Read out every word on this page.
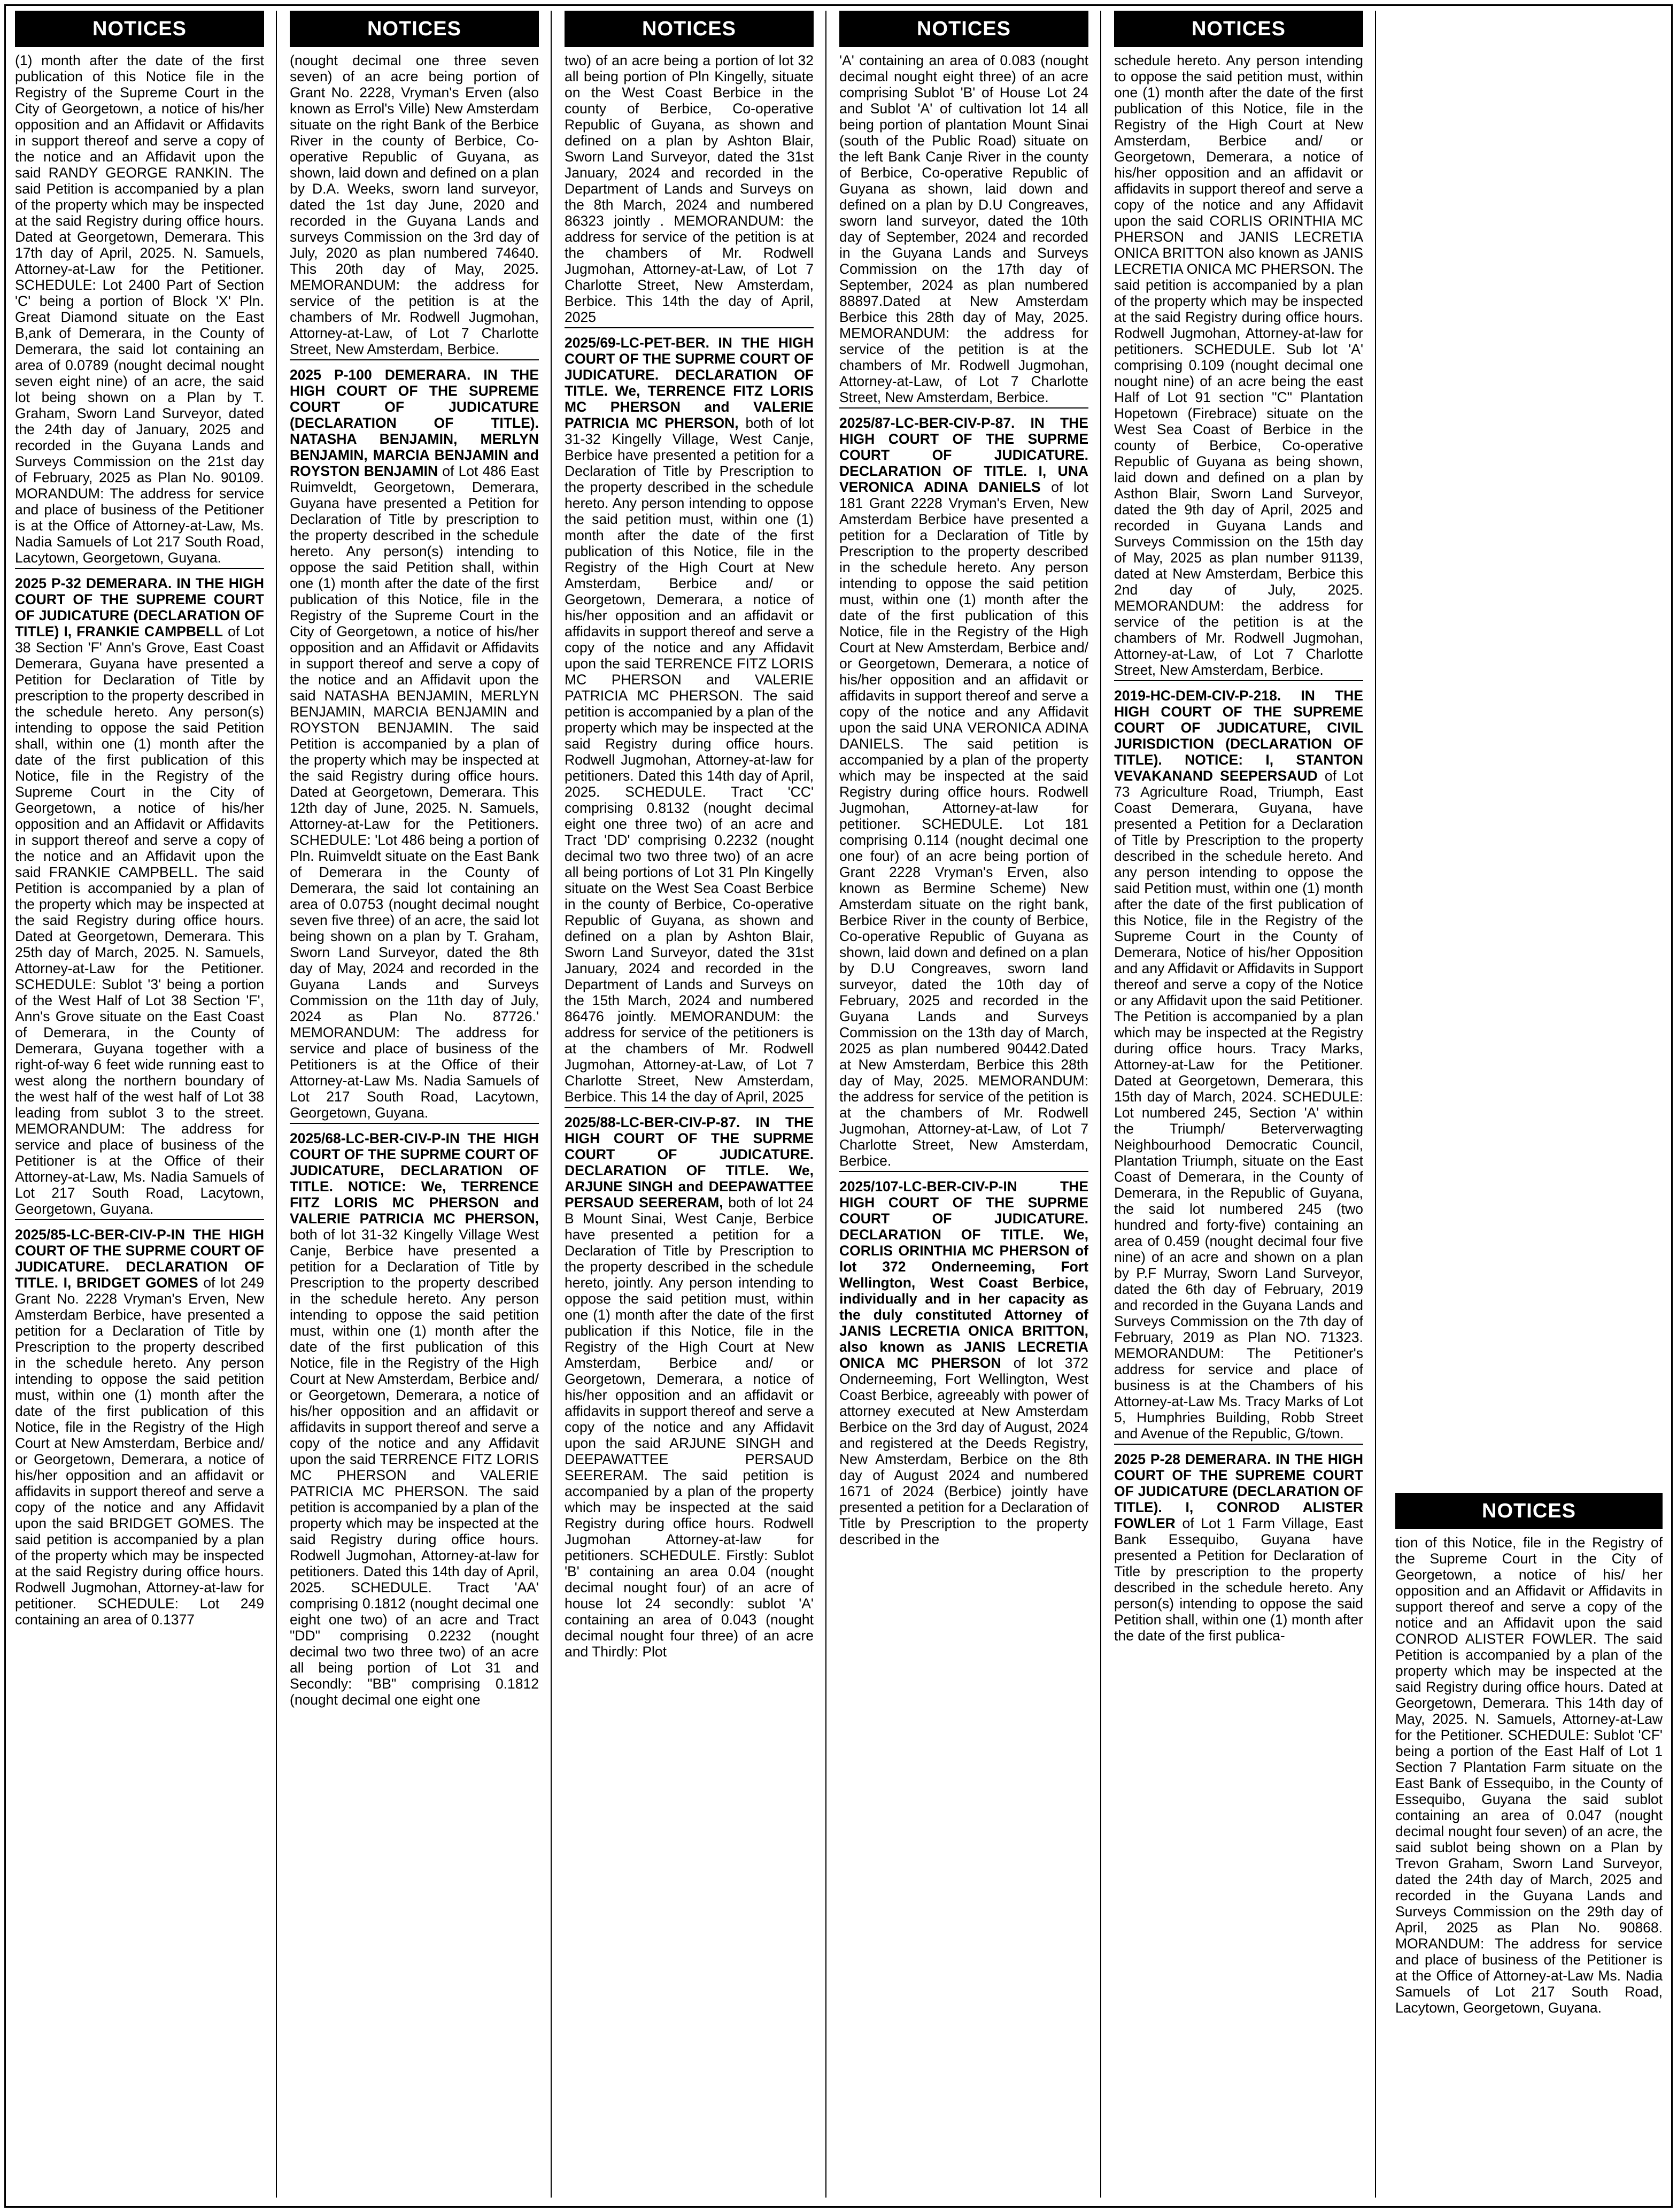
NOTICES
(1) month after the date of the first publication of this Notice file in the Registry of the Supreme Court in the City of Georgetown, a notice of his/her opposition and an Affidavit or Affidavits in support thereof and serve a copy of the notice and an Affidavit upon the said RANDY GEORGE RANKIN. The said Petition is accompanied by a plan of the property which may be inspected at the said Registry during office hours. Dated at Georgetown, Demerara. This 17th day of April, 2025. N. Samuels, Attorney-at-Law for the Petitioner. SCHEDULE: Lot 2400 Part of Section 'C' being a portion of Block 'X' Pln. Great Diamond situate on the East B,ank of Demerara, in the County of Demerara, the said lot containing an area of 0.0789 (nought decimal nought seven eight nine) of an acre, the said lot being shown on a Plan by T. Graham, Sworn Land Surveyor, dated the 24th day of January, 2025 and recorded in the Guyana Lands and Surveys Commission on the 21st day of February, 2025 as Plan No. 90109. MORANDUM: The address for service and place of business of the Petitioner is at the Office of Attorney-at-Law, Ms. Nadia Samuels of Lot 217 South Road, Lacytown, Georgetown, Guyana.
2025 P-32 DEMERARA. IN THE HIGH COURT OF THE SUPREME COURT OF JUDICATURE (DECLARATION OF TITLE) I, FRANKIE CAMPBELL of Lot 38 Section 'F' Ann's Grove, East Coast Demerara, Guyana have presented a Petition for Declaration of Title by prescription to the property described in the schedule hereto. Any person(s) intending to oppose the said Petition shall, within one (1) month after the date of the first publication of this Notice, file in the Registry of the Supreme Court in the City of Georgetown, a notice of his/her opposition and an Affidavit or Affidavits in support thereof and serve a copy of the notice and an Affidavit upon the said FRANKIE CAMPBELL. The said Petition is accompanied by a plan of the property which may be inspected at the said Registry during office hours. Dated at Georgetown, Demerara. This 25th day of March, 2025. N. Samuels, Attorney-at-Law for the Petitioner. SCHEDULE: Sublot '3' being a portion of the West Half of Lot 38 Section 'F', Ann's Grove situate on the East Coast of Demerara, in the County of Demerara, Guyana together with a right-of-way 6 feet wide running east to west along the northern boundary of the west half of the west half of Lot 38 leading from sublot 3 to the street. MEMORANDUM: The address for service and place of business of the Petitioner is at the Office of their Attorney-at-Law, Ms. Nadia Samuels of Lot 217 South Road, Lacytown, Georgetown, Guyana.
2025/85-LC-BER-CIV-P-IN THE HIGH COURT OF THE SUPRME COURT OF JUDICATURE. DECLARATION OF TITLE. I, BRIDGET GOMES of lot 249 Grant No. 2228 Vryman's Erven, New Amsterdam Berbice, have presented a petition for a Declaration of Title by Prescription to the property described in the schedule hereto. Any person intending to oppose the said petition must, within one (1) month after the date of the first publication of this Notice, file in the Registry of the High Court at New Amsterdam, Berbice and/ or Georgetown, Demerara, a notice of his/her opposition and an affidavit or affidavits in support thereof and serve a copy of the notice and any Affidavit upon the said BRIDGET GOMES. The said petition is accompanied by a plan of the property which may be inspected at the said Registry during office hours. Rodwell Jugmohan, Attorney-at-law for petitioner. SCHEDULE: Lot 249 containing an area of 0.1377
NOTICES
(nought decimal one three seven seven) of an acre being portion of Grant No. 2228, Vryman's Erven (also known as Errol's Ville) New Amsterdam situate on the right Bank of the Berbice River in the county of Berbice, Co-operative Republic of Guyana, as shown, laid down and defined on a plan by D.A. Weeks, sworn land surveyor, dated the 1st day June, 2020 and recorded in the Guyana Lands and surveys Commission on the 3rd day of July, 2020 as plan numbered 74640. This 20th day of May, 2025. MEMORANDUM: the address for service of the petition is at the chambers of Mr. Rodwell Jugmohan, Attorney-at-Law, of Lot 7 Charlotte Street, New Amsterdam, Berbice.
2025 P-100 DEMERARA. IN THE HIGH COURT OF THE SUPREME COURT OF JUDICATURE (DECLARATION OF TITLE). NATASHA BENJAMIN, MERLYN BENJAMIN, MARCIA BENJAMIN and ROYSTON BENJAMIN of Lot 486 East Ruimveldt, Georgetown, Demerara, Guyana have presented a Petition for Declaration of Title by prescription to the property described in the schedule hereto. Any person(s) intending to oppose the said Petition shall, within one (1) month after the date of the first publication of this Notice, file in the Registry of the Supreme Court in the City of Georgetown, a notice of his/her opposition and an Affidavit or Affidavits in support thereof and serve a copy of the notice and an Affidavit upon the said NATASHA BENJAMIN, MERLYN BENJAMIN, MARCIA BENJAMIN and ROYSTON BENJAMIN. The said Petition is accompanied by a plan of the property which may be inspected at the said Registry during office hours. Dated at Georgetown, Demerara. This 12th day of June, 2025. N. Samuels, Attorney-at-Law for the Petitioners. SCHEDULE: 'Lot 486 being a portion of Pln. Ruimveldt situate on the East Bank of Demerara in the County of Demerara, the said lot containing an area of 0.0753 (nought decimal nought seven five three) of an acre, the said lot being shown on a plan by T. Graham, Sworn Land Surveyor, dated the 8th day of May, 2024 and recorded in the Guyana Lands and Surveys Commission on the 11th day of July, 2024 as Plan No. 87726.' MEMORANDUM: The address for service and place of business of the Petitioners is at the Office of their Attorney-at-Law Ms. Nadia Samuels of Lot 217 South Road, Lacytown, Georgetown, Guyana.
2025/68-LC-BER-CIV-P-IN THE HIGH COURT OF THE SUPRME COURT OF JUDICATURE, DECLARATION OF TITLE. NOTICE: We, TERRENCE FITZ LORIS MC PHERSON and VALERIE PATRICIA MC PHERSON, both of lot 31-32 Kingelly Village West Canje, Berbice have presented a petition for a Declaration of Title by Prescription to the property described in the schedule hereto. Any person intending to oppose the said petition must, within one (1) month after the date of the first publication of this Notice, file in the Registry of the High Court at New Amsterdam, Berbice and/ or Georgetown, Demerara, a notice of his/her opposition and an affidavit or affidavits in support thereof and serve a copy of the notice and any Affidavit upon the said TERRENCE FITZ LORIS MC PHERSON and VALERIE PATRICIA MC PHERSON. The said petition is accompanied by a plan of the property which may be inspected at the said Registry during office hours. Rodwell Jugmohan, Attorney-at-law for petitioners. Dated this 14th day of April, 2025. SCHEDULE. Tract 'AA' comprising 0.1812 (nought decimal one eight one two) of an acre and Tract "DD" comprising 0.2232 (nought decimal two two three two) of an acre all being portion of Lot 31 and Secondly: "BB" comprising 0.1812 (nought decimal one eight one
NOTICES
two) of an acre being a portion of lot 32 all being portion of Pln Kingelly, situate on the West Coast Berbice in the county of Berbice, Co-operative Republic of Guyana, as shown and defined on a plan by Ashton Blair, Sworn Land Surveyor, dated the 31st January, 2024 and recorded in the Department of Lands and Surveys on the 8th March, 2024 and numbered 86323 jointly . MEMORANDUM: the address for service of the petition is at the chambers of Mr. Rodwell Jugmohan, Attorney-at-Law, of Lot 7 Charlotte Street, New Amsterdam, Berbice. This 14th the day of April, 2025
2025/69-LC-PET-BER. IN THE HIGH COURT OF THE SUPRME COURT OF JUDICATURE. DECLARATION OF TITLE. We, TERRENCE FITZ LORIS MC PHERSON and VALERIE PATRICIA MC PHERSON, both of lot 31-32 Kingelly Village, West Canje, Berbice have presented a petition for a Declaration of Title by Prescription to the property described in the schedule hereto. Any person intending to oppose the said petition must, within one (1) month after the date of the first publication of this Notice, file in the Registry of the High Court at New Amsterdam, Berbice and/ or Georgetown, Demerara, a notice of his/her opposition and an affidavit or affidavits in support thereof and serve a copy of the notice and any Affidavit upon the said TERRENCE FITZ LORIS MC PHERSON and VALERIE PATRICIA MC PHERSON. The said petition is accompanied by a plan of the property which may be inspected at the said Registry during office hours. Rodwell Jugmohan, Attorney-at-law for petitioners. Dated this 14th day of April, 2025. SCHEDULE. Tract 'CC' comprising 0.8132 (nought decimal eight one three two) of an acre and Tract 'DD' comprising 0.2232 (nought decimal two two three two) of an acre all being portions of Lot 31 Pln Kingelly situate on the West Sea Coast Berbice in the county of Berbice, Co-operative Republic of Guyana, as shown and defined on a plan by Ashton Blair, Sworn Land Surveyor, dated the 31st January, 2024 and recorded in the Department of Lands and Surveys on the 15th March, 2024 and numbered 86476 jointly. MEMORANDUM: the address for service of the petitioners is at the chambers of Mr. Rodwell Jugmohan, Attorney-at-Law, of Lot 7 Charlotte Street, New Amsterdam, Berbice. This 14 the day of April, 2025
2025/88-LC-BER-CIV-P-87. IN THE HIGH COURT OF THE SUPRME COURT OF JUDICATURE. DECLARATION OF TITLE. We, ARJUNE SINGH and DEEPAWATTEE PERSAUD SEERERAM, both of lot 24 B Mount Sinai, West Canje, Berbice have presented a petition for a Declaration of Title by Prescription to the property described in the schedule hereto, jointly. Any person intending to oppose the said petition must, within one (1) month after the date of the first publication if this Notice, file in the Registry of the High Court at New Amsterdam, Berbice and/ or Georgetown, Demerara, a notice of his/her opposition and an affidavit or affidavits in support thereof and serve a copy of the notice and any Affidavit upon the said ARJUNE SINGH and DEEPAWATTEE PERSAUD SEERERAM. The said petition is accompanied by a plan of the property which may be inspected at the said Registry during office hours. Rodwell Jugmohan Attorney-at-law for petitioners. SCHEDULE. Firstly: Sublot 'B' containing an area 0.04 (nought decimal nought four) of an acre of house lot 24 secondly: sublot 'A' containing an area of 0.043 (nought decimal nought four three) of an acre and Thirdly: Plot
NOTICES
'A' containing an area of 0.083 (nought decimal nought eight three) of an acre comprising Sublot 'B' of House Lot 24 and Sublot 'A' of cultivation lot 14 all being portion of plantation Mount Sinai (south of the Public Road) situate on the left Bank Canje River in the county of Berbice, Co-operative Republic of Guyana as shown, laid down and defined on a plan by D.U Congreaves, sworn land surveyor, dated the 10th day of September, 2024 and recorded in the Guyana Lands and Surveys Commission on the 17th day of September, 2024 as plan numbered 88897.Dated at New Amsterdam Berbice this 28th day of May, 2025. MEMORANDUM: the address for service of the petition is at the chambers of Mr. Rodwell Jugmohan, Attorney-at-Law, of Lot 7 Charlotte Street, New Amsterdam, Berbice.
2025/87-LC-BER-CIV-P-87. IN THE HIGH COURT OF THE SUPRME COURT OF JUDICATURE. DECLARATION OF TITLE. I, UNA VERONICA ADINA DANIELS of lot 181 Grant 2228 Vryman's Erven, New Amsterdam Berbice have presented a petition for a Declaration of Title by Prescription to the property described in the schedule hereto. Any person intending to oppose the said petition must, within one (1) month after the date of the first publication of this Notice, file in the Registry of the High Court at New Amsterdam, Berbice and/ or Georgetown, Demerara, a notice of his/her opposition and an affidavit or affidavits in support thereof and serve a copy of the notice and any Affidavit upon the said UNA VERONICA ADINA DANIELS. The said petition is accompanied by a plan of the property which may be inspected at the said Registry during office hours. Rodwell Jugmohan, Attorney-at-law for petitioner. SCHEDULE. Lot 181 comprising 0.114 (nought decimal one one four) of an acre being portion of Grant 2228 Vryman's Erven, also known as Bermine Scheme) New Amsterdam situate on the right bank, Berbice River in the county of Berbice, Co-operative Republic of Guyana as shown, laid down and defined on a plan by D.U Congreaves, sworn land surveyor, dated the 10th day of February, 2025 and recorded in the Guyana Lands and Surveys Commission on the 13th day of March, 2025 as plan numbered 90442.Dated at New Amsterdam, Berbice this 28th day of May, 2025. MEMORANDUM: the address for service of the petition is at the chambers of Mr. Rodwell Jugmohan, Attorney-at-Law, of Lot 7 Charlotte Street, New Amsterdam, Berbice.
2025/107-LC-BER-CIV-P-IN THE HIGH COURT OF THE SUPRME COURT OF JUDICATURE. DECLARATION OF TITLE. We, CORLIS ORINTHIA MC PHERSON of lot 372 Onderneeming, Fort Wellington, West Coast Berbice, individually and in her capacity as the duly constituted Attorney of JANIS LECRETIA ONICA BRITTON, also known as JANIS LECRETIA ONICA MC PHERSON of lot 372 Onderneeming, Fort Wellington, West Coast Berbice, agreeably with power of attorney executed at New Amsterdam Berbice on the 3rd day of August, 2024 and registered at the Deeds Registry, New Amsterdam, Berbice on the 8th day of August 2024 and numbered 1671 of 2024 (Berbice) jointly have presented a petition for a Declaration of Title by Prescription to the property described in the
NOTICES
schedule hereto. Any person intending to oppose the said petition must, within one (1) month after the date of the first publication of this Notice, file in the Registry of the High Court at New Amsterdam, Berbice and/ or Georgetown, Demerara, a notice of his/her opposition and an affidavit or affidavits in support thereof and serve a copy of the notice and any Affidavit upon the said CORLIS ORINTHIA MC PHERSON and JANIS LECRETIA ONICA BRITTON also known as JANIS LECRETIA ONICA MC PHERSON. The said petition is accompanied by a plan of the property which may be inspected at the said Registry during office hours. Rodwell Jugmohan, Attorney-at-law for petitioners. SCHEDULE. Sub lot 'A' comprising 0.109 (nought decimal one nought nine) of an acre being the east Half of Lot 91 section "C" Plantation Hopetown (Firebrace) situate on the West Sea Coast of Berbice in the county of Berbice, Co-operative Republic of Guyana as being shown, laid down and defined on a plan by Asthon Blair, Sworn Land Surveyor, dated the 9th day of April, 2025 and recorded in Guyana Lands and Surveys Commission on the 15th day of May, 2025 as plan number 91139, dated at New Amsterdam, Berbice this 2nd day of July, 2025. MEMORANDUM: the address for service of the petition is at the chambers of Mr. Rodwell Jugmohan, Attorney-at-Law, of Lot 7 Charlotte Street, New Amsterdam, Berbice.
2019-HC-DEM-CIV-P-218. IN THE HIGH COURT OF THE SUPREME COURT OF JUDICATURE, CIVIL JURISDICTION (DECLARATION OF TITLE). NOTICE: I, STANTON VEVAKANAND SEEPERSAUD of Lot 73 Agriculture Road, Triumph, East Coast Demerara, Guyana, have presented a Petition for a Declaration of Title by Prescription to the property described in the schedule hereto. And any person intending to oppose the said Petition must, within one (1) month after the date of the first publication of this Notice, file in the Registry of the Supreme Court in the County of Demerara, Notice of his/her Opposition and any Affidavit or Affidavits in Support thereof and serve a copy of the Notice or any Affidavit upon the said Petitioner. The Petition is accompanied by a plan which may be inspected at the Registry during office hours. Tracy Marks, Attorney-at-Law for the Petitioner. Dated at Georgetown, Demerara, this 15th day of March, 2024. SCHEDULE: Lot numbered 245, Section 'A' within the Triumph/ Beterverwagting Neighbourhood Democratic Council, Plantation Triumph, situate on the East Coast of Demerara, in the County of Demerara, in the Republic of Guyana, the said lot numbered 245 (two hundred and forty-five) containing an area of 0.459 (nought decimal four five nine) of an acre and shown on a plan by P.F Murray, Sworn Land Surveyor, dated the 6th day of February, 2019 and recorded in the Guyana Lands and Surveys Commission on the 7th day of February, 2019 as Plan NO. 71323. MEMORANDUM: The Petitioner's address for service and place of business is at the Chambers of his Attorney-at-Law Ms. Tracy Marks of Lot 5, Humphries Building, Robb Street and Avenue of the Republic, G/town.
2025 P-28 DEMERARA. IN THE HIGH COURT OF THE SUPREME COURT OF JUDICATURE (DECLARATION OF TITLE). I, CONROD ALISTER FOWLER of Lot 1 Farm Village, East Bank Essequibo, Guyana have presented a Petition for Declaration of Title by prescription to the property described in the schedule hereto. Any person(s) intending to oppose the said Petition shall, within one (1) month after the date of the first publica-
NOTICES
tion of this Notice, file in the Registry of the Supreme Court in the City of Georgetown, a notice of his/ her opposition and an Affidavit or Affidavits in support thereof and serve a copy of the notice and an Affidavit upon the said CONROD ALISTER FOWLER. The said Petition is accompanied by a plan of the property which may be inspected at the said Registry during office hours. Dated at Georgetown, Demerara. This 14th day of May, 2025. N. Samuels, Attorney-at-Law for the Petitioner. SCHEDULE: Sublot 'CF' being a portion of the East Half of Lot 1 Section 7 Plantation Farm situate on the East Bank of Essequibo, in the County of Essequibo, Guyana the said sublot containing an area of 0.047 (nought decimal nought four seven) of an acre, the said sublot being shown on a Plan by Trevon Graham, Sworn Land Surveyor, dated the 24th day of March, 2025 and recorded in the Guyana Lands and Surveys Commission on the 29th day of April, 2025 as Plan No. 90868. MORANDUM: The address for service and place of business of the Petitioner is at the Office of Attorney-at-Law Ms. Nadia Samuels of Lot 217 South Road, Lacytown, Georgetown, Guyana.
